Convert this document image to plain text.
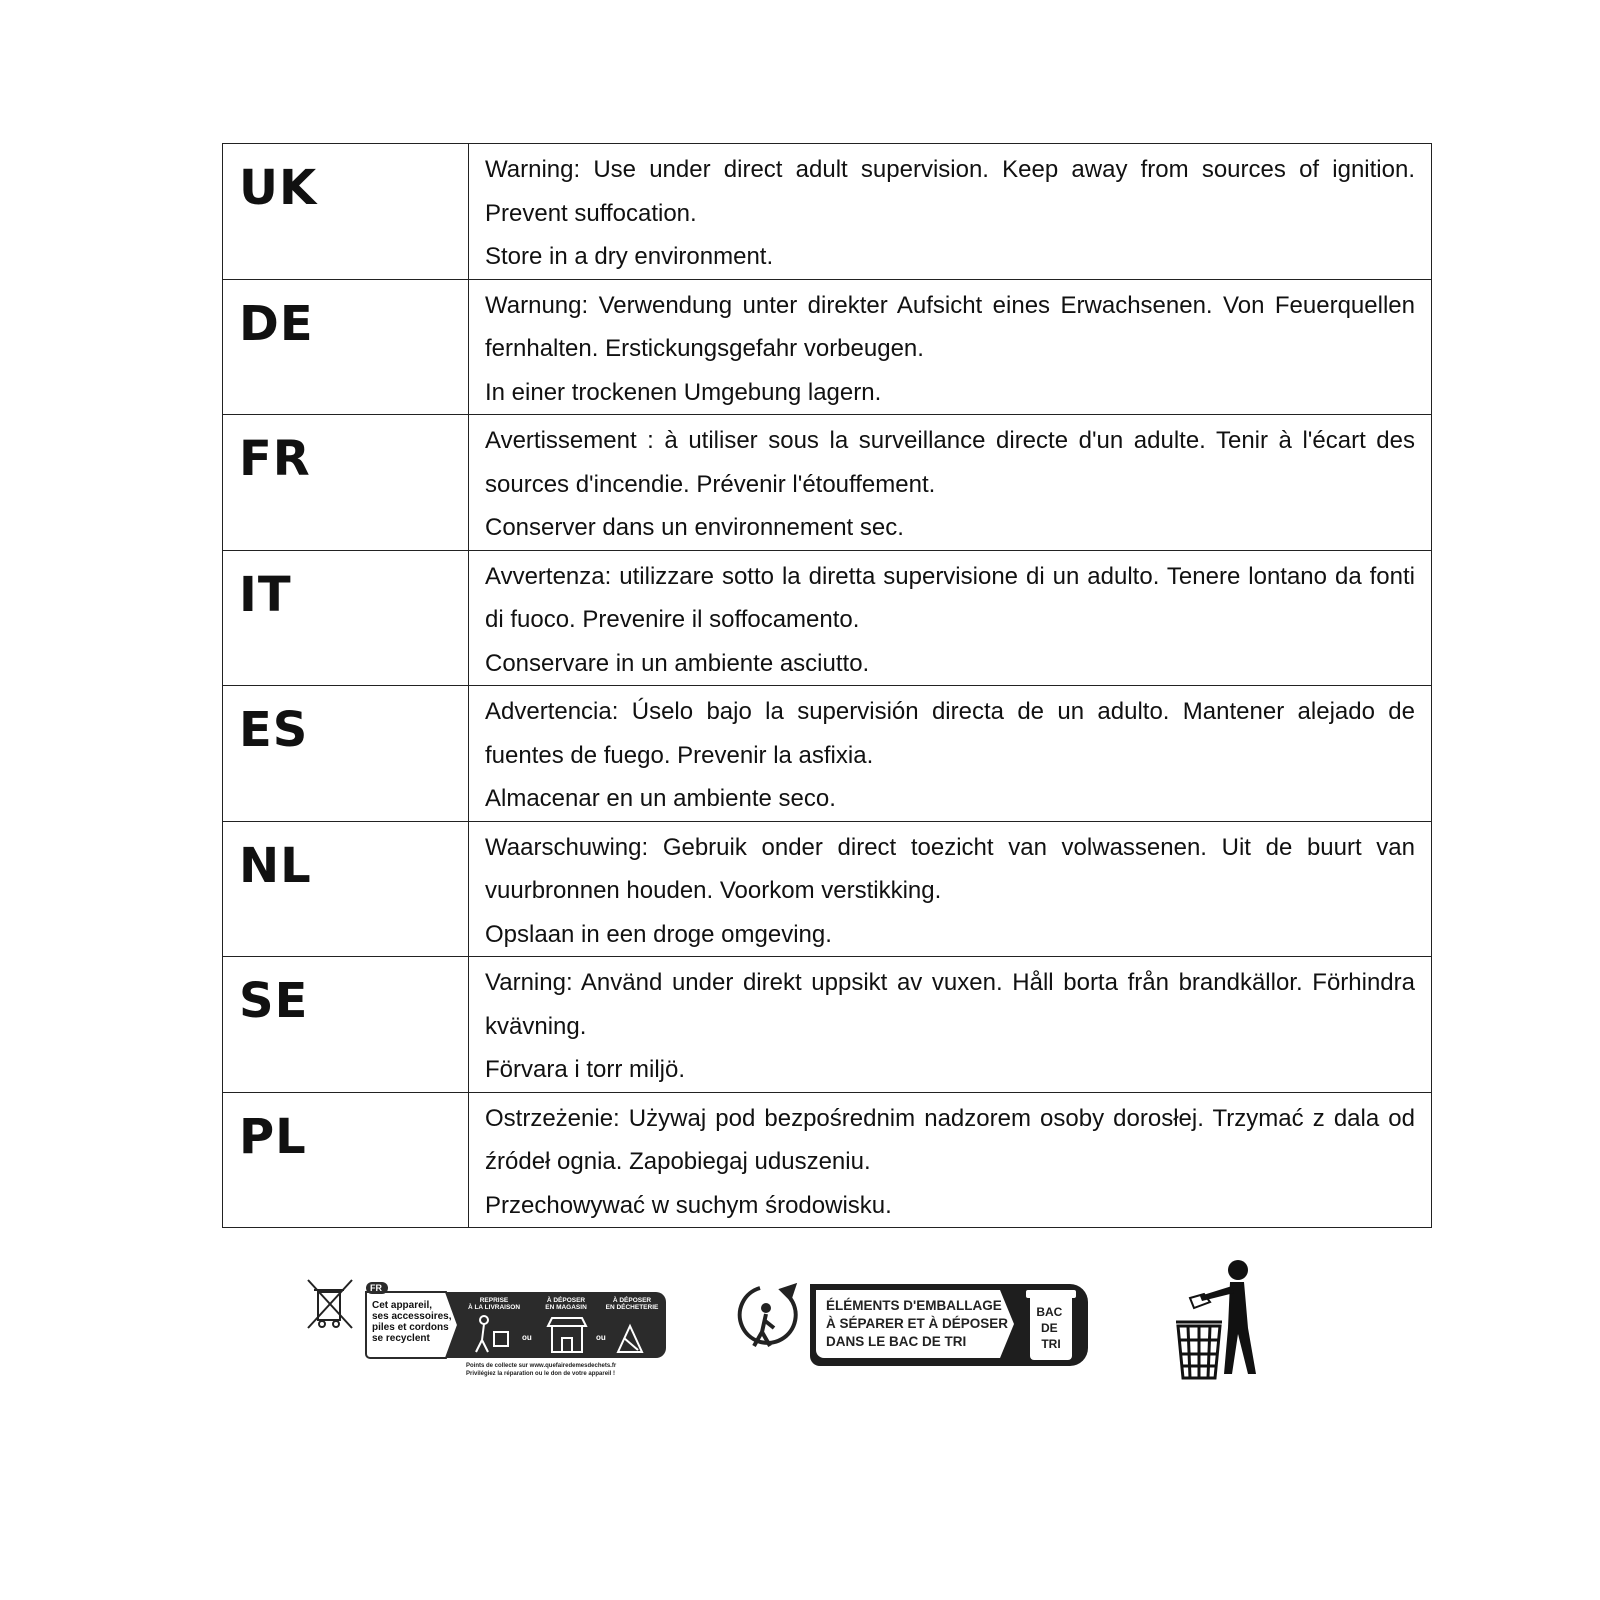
UK	Warning: Use under direct adult supervision. Keep away from sources of ignition. Prevent suffocation.
Store in a dry environment.

DE	Warnung: Verwendung unter direkter Aufsicht eines Erwachsenen. Von Feuerquellen fernhalten. Erstickungsgefahr vorbeugen.
In einer trockenen Umgebung lagern.

FR	Avertissement : à utiliser sous la surveillance directe d'un adulte. Tenir à l'écart des sources d'incendie. Prévenir l'étouffement.
Conserver dans un environnement sec.

IT	Avvertenza: utilizzare sotto la diretta supervisione di un adulto. Tenere lontano da fonti di fuoco. Prevenire il soffocamento.
Conservare in un ambiente asciutto.

ES	Advertencia: Úselo bajo la supervisión directa de un adulto. Mantener alejado de fuentes de fuego. Prevenir la asfixia.
Almacenar en un ambiente seco.

NL	Waarschuwing: Gebruik onder direct toezicht van volwassenen. Uit de buurt van vuurbronnen houden. Voorkom verstikking.
Opslaan in een droge omgeving.

SE	Varning: Använd under direkt uppsikt av vuxen. Håll borta från brandkällor. Förhindra kvävning.
Förvara i torr miljö.

PL	Ostrzeżenie: Używaj pod bezpośrednim nadzorem osoby dorosłej. Trzymać z dala od źródeł ognia. Zapobiegaj uduszeniu.
Przechowywać w suchym środowisku.
FR
Cet appareil, ses accessoires, piles et cordons se recyclent
REPRISE
À LA LIVRAISON
À DÉPOSER
EN MAGASIN
À DÉPOSER
EN DÉCHETERIE
ou	ou
Points de collecte sur www.quefairedemesdechets.fr Privilégiez la réparation ou le don de votre appareil !
ÉLÉMENTS D'EMBALLAGE À SÉPARER ET À DÉPOSER DANS LE BAC DE TRI
BAC DE TRI
